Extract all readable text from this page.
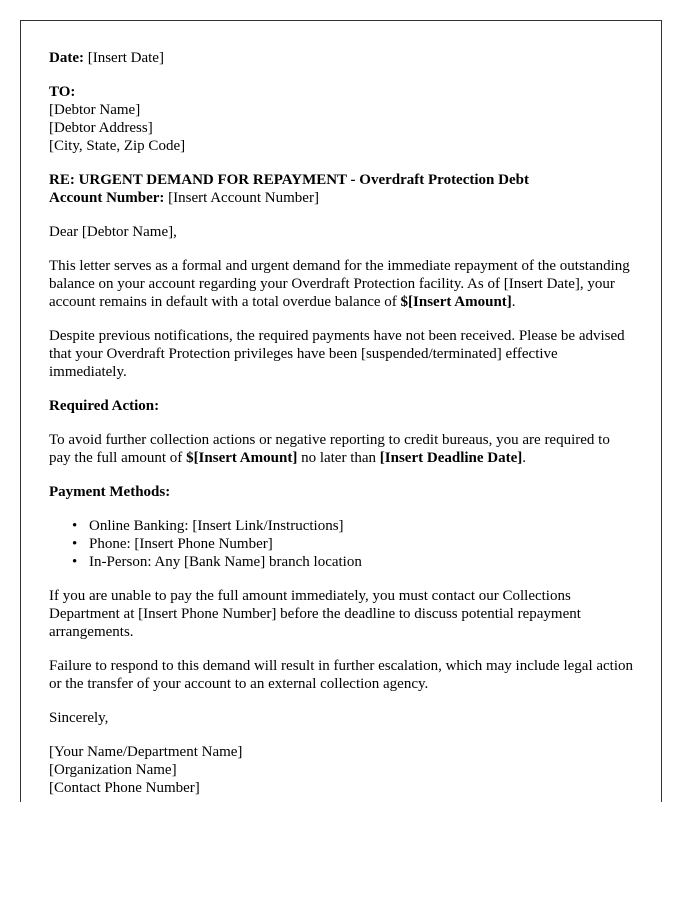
Date: [Insert Date]

TO:
[Debtor Name]
[Debtor Address]
[City, State, Zip Code]
RE: URGENT DEMAND FOR REPAYMENT - Overdraft Protection Debt
Account Number: [Insert Account Number]

Dear [Debtor Name],

This letter serves as a formal and urgent demand for the immediate repayment of the outstanding balance on your account regarding your Overdraft Protection facility. As of [Insert Date], your account remains in default with a total overdue balance of $[Insert Amount].

Despite previous notifications, the required payments have not been received. Please be advised that your Overdraft Protection privileges have been [suspended/terminated] effective immediately.

Required Action:

To avoid further collection actions or negative reporting to credit bureaus, you are required to pay the full amount of $[Insert Amount] no later than [Insert Deadline Date].

Payment Methods:

• Online Banking: [Insert Link/Instructions]
• Phone: [Insert Phone Number]
• In-Person: Any [Bank Name] branch location

If you are unable to pay the full amount immediately, you must contact our Collections Department at [Insert Phone Number] before the deadline to discuss potential repayment arrangements.

Failure to respond to this demand will result in further escalation, which may include legal action or the transfer of your account to an external collection agency.

Sincerely,

[Your Name/Department Name]
[Organization Name]
[Contact Phone Number]
